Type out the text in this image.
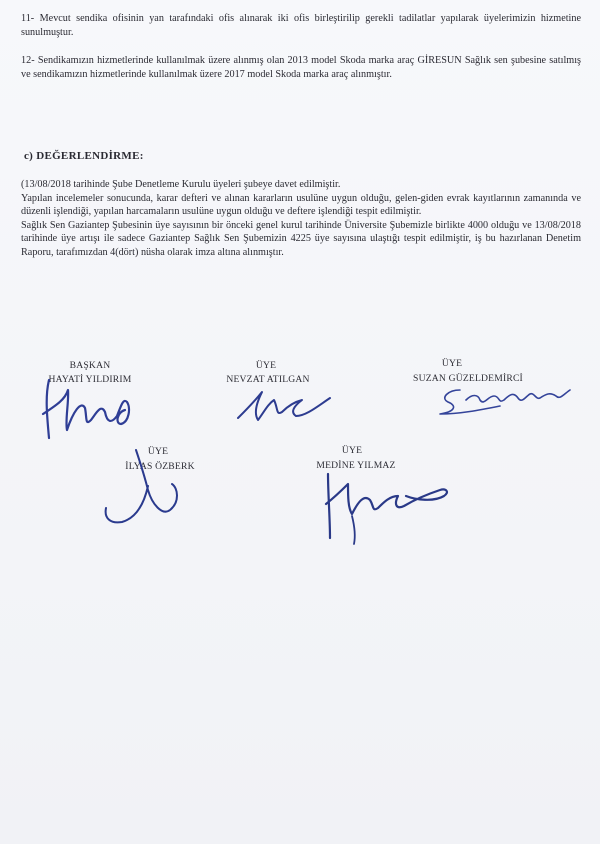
11- Mevcut sendika ofisinin yan tarafındaki ofis alınarak iki ofis birleştirilip gerekli tadilatlar yapılarak üyelerimizin hizmetine sunulmuştur.

12- Sendikamızın hizmetlerinde kullanılmak üzere alınmış olan 2013 model Skoda marka araç GİRESUN Sağlık sen şubesine satılmış ve sendikamızın hizmetlerinde kullanılmak üzere 2017 model Skoda marka araç alınmıştır.

c) DEĞERLENDİRME:

(13/08/2018 tarihinde Şube Denetleme Kurulu üyeleri şubeye davet edilmiştir.

Yapılan incelemeler sonucunda, karar defteri ve alınan kararların usulüne uygun olduğu, gelen-giden evrak kayıtlarının zamanında ve düzenli işlendiği, yapılan harcamaların usulüne uygun olduğu ve deftere işlendiği tespit edilmiştir.

Sağlık Sen Gaziantep Şubesinin üye sayısının bir önceki genel kurul tarihinde Üniversite Şubemizle birlikte 4000 olduğu ve 13/08/2018 tarihinde üye artışı ile sadece Gaziantep Sağlık Sen Şubemizin 4225 üye sayısına ulaştığı tespit edilmiştir, iş bu hazırlanan Denetim Raporu, tarafımızdan 4(dört) nüsha olarak imza altına alınmıştır.

BAŞKAN
HAYATİ YILDIRIM
ÜYE
NEVZAT ATILGAN
ÜYE
SUZAN GÜZELDEMİRCİ
ÜYE
İLYAS ÖZBERK
ÜYE
MEDİNE YILMAZ
